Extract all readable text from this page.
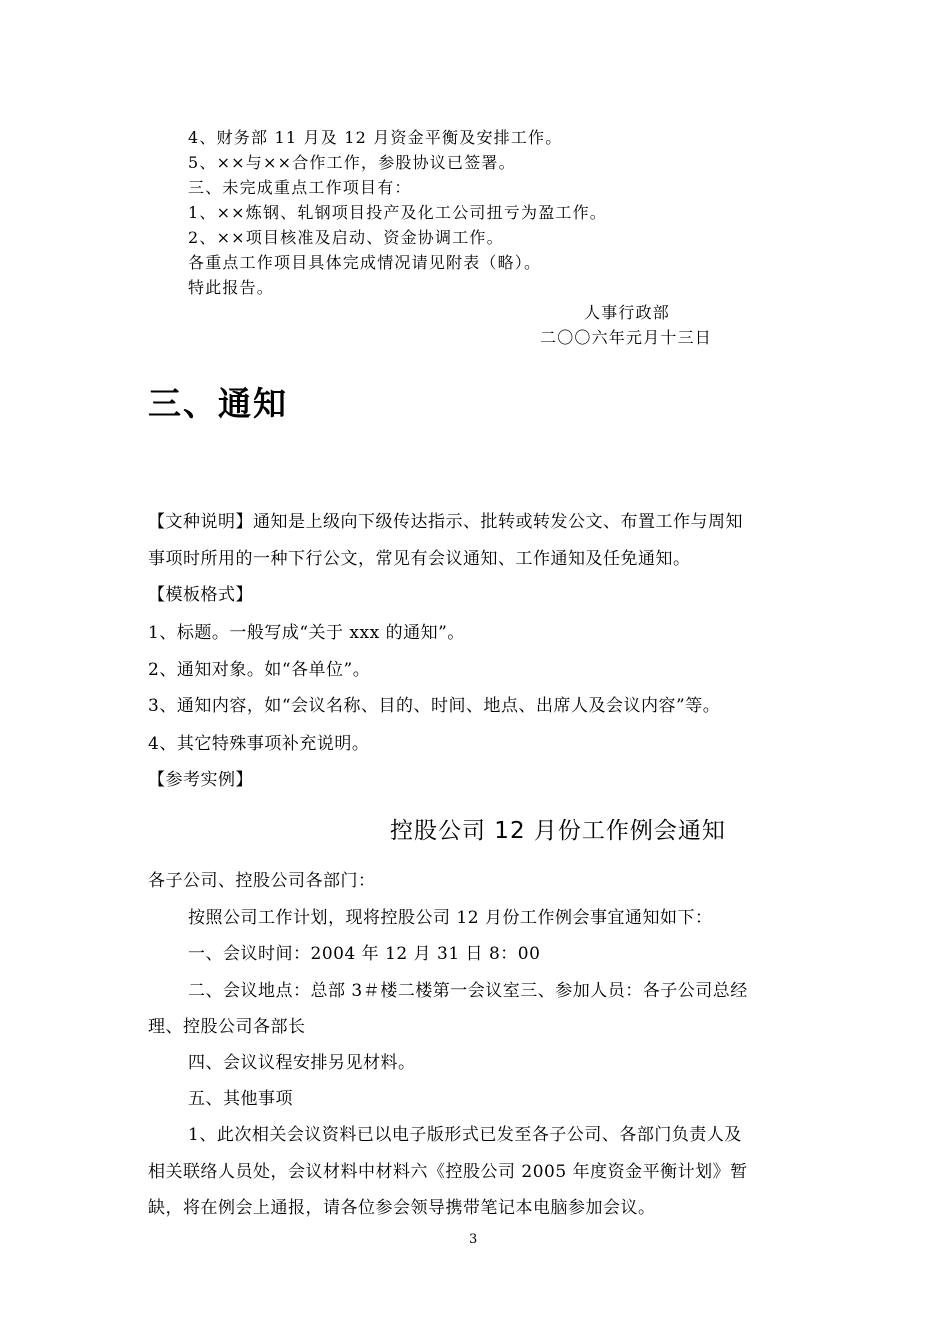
4、财务部 11 月及 12 月资金平衡及安排工作。
5、××与××合作工作，参股协议已签署。
三、未完成重点工作项目有：
1、××炼钢、轧钢项目投产及化工公司扭亏为盈工作。
2、××项目核准及启动、资金协调工作。
各重点工作项目具体完成情况请见附表（略）。
特此报告。
人事行政部
二〇〇六年元月十三日
三、通知
【文种说明】通知是上级向下级传达指示、批转或转发公文、布置工作与周知
事项时所用的一种下行公文，常见有会议通知、工作通知及任免通知。
【模板格式】
1、标题。一般写成“关于 xxx 的通知”。
2、通知对象。如“各单位”。
3、通知内容，如“会议名称、目的、时间、地点、出席人及会议内容”等。
4、其它特殊事项补充说明。
【参考实例】
控股公司 12 月份工作例会通知
各子公司、控股公司各部门：
按照公司工作计划，现将控股公司 12 月份工作例会事宜通知如下：
一、会议时间：2004 年 12 月 31 日 8：00
二、会议地点：总部 3＃楼二楼第一会议室三、参加人员：各子公司总经
理、控股公司各部长
四、会议议程安排另见材料。
五、其他事项
1、此次相关会议资料已以电子版形式已发至各子公司、各部门负责人及
相关联络人员处，会议材料中材料六《控股公司 2005 年度资金平衡计划》暂
缺，将在例会上通报，请各位参会领导携带笔记本电脑参加会议。
3
